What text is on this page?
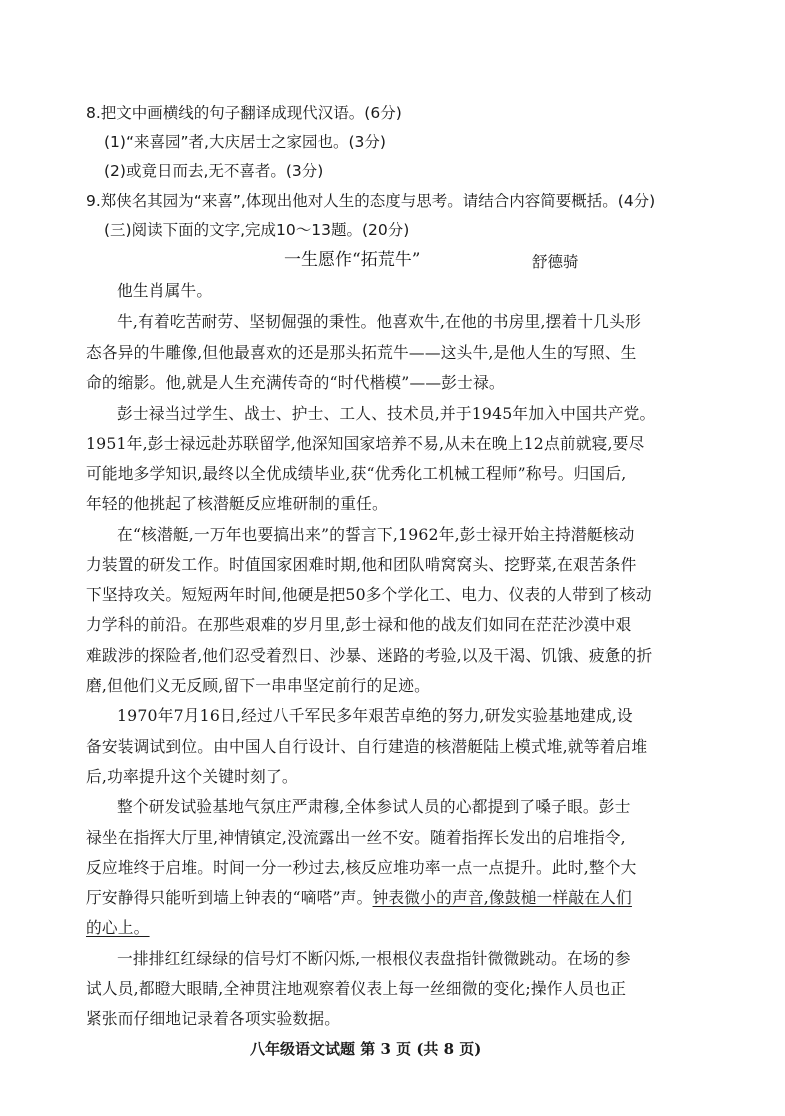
8.把文中画横线的句子翻译成现代汉语。(6分)
(1)“来喜园”者,大庆居士之家园也。(3分)
(2)或竟日而去,无不喜者。(3分)
9.郑侠名其园为“来喜”,体现出他对人生的态度与思考。请结合内容简要概括。(4分)
(三)阅读下面的文字,完成10～13题。(20分)
一生愿作“拓荒牛”	舒德骑
他生肖属牛。
牛,有着吃苦耐劳、坚韧倔强的秉性。他喜欢牛,在他的书房里,摆着十几头形
态各异的牛雕像,但他最喜欢的还是那头拓荒牛——这头牛,是他人生的写照、生
命的缩影。他,就是人生充满传奇的“时代楷模”——彭士禄。
彭士禄当过学生、战士、护士、工人、技术员,并于1945年加入中国共产党。
1951年,彭士禄远赴苏联留学,他深知国家培养不易,从未在晚上12点前就寝,要尽
可能地多学知识,最终以全优成绩毕业,获“优秀化工机械工程师”称号。归国后,
年轻的他挑起了核潜艇反应堆研制的重任。
在“核潜艇,一万年也要搞出来”的誓言下,1962年,彭士禄开始主持潜艇核动
力装置的研发工作。时值国家困难时期,他和团队啃窝窝头、挖野菜,在艰苦条件
下坚持攻关。短短两年时间,他硬是把50多个学化工、电力、仪表的人带到了核动
力学科的前沿。在那些艰难的岁月里,彭士禄和他的战友们如同在茫茫沙漠中艰
难跋涉的探险者,他们忍受着烈日、沙暴、迷路的考验,以及干渴、饥饿、疲惫的折
磨,但他们义无反顾,留下一串串坚定前行的足迹。
1970年7月16日,经过八千军民多年艰苦卓绝的努力,研发实验基地建成,设
备安装调试到位。由中国人自行设计、自行建造的核潜艇陆上模式堆,就等着启堆
后,功率提升这个关键时刻了。
整个研发试验基地气氛庄严肃穆,全体参试人员的心都提到了嗓子眼。彭士
禄坐在指挥大厅里,神情镇定,没流露出一丝不安。随着指挥长发出的启堆指令,
反应堆终于启堆。时间一分一秒过去,核反应堆功率一点一点提升。此时,整个大
厅安静得只能听到墙上钟表的“嘀嗒”声。钟表微小的声音,像鼓槌一样敲在人们
的心上。
一排排红红绿绿的信号灯不断闪烁,一根根仪表盘指针微微跳动。在场的参
试人员,都瞪大眼睛,全神贯注地观察着仪表上每一丝细微的变化;操作人员也正
紧张而仔细地记录着各项实验数据。
八年级语文试题 第 3 页 (共 8 页)
